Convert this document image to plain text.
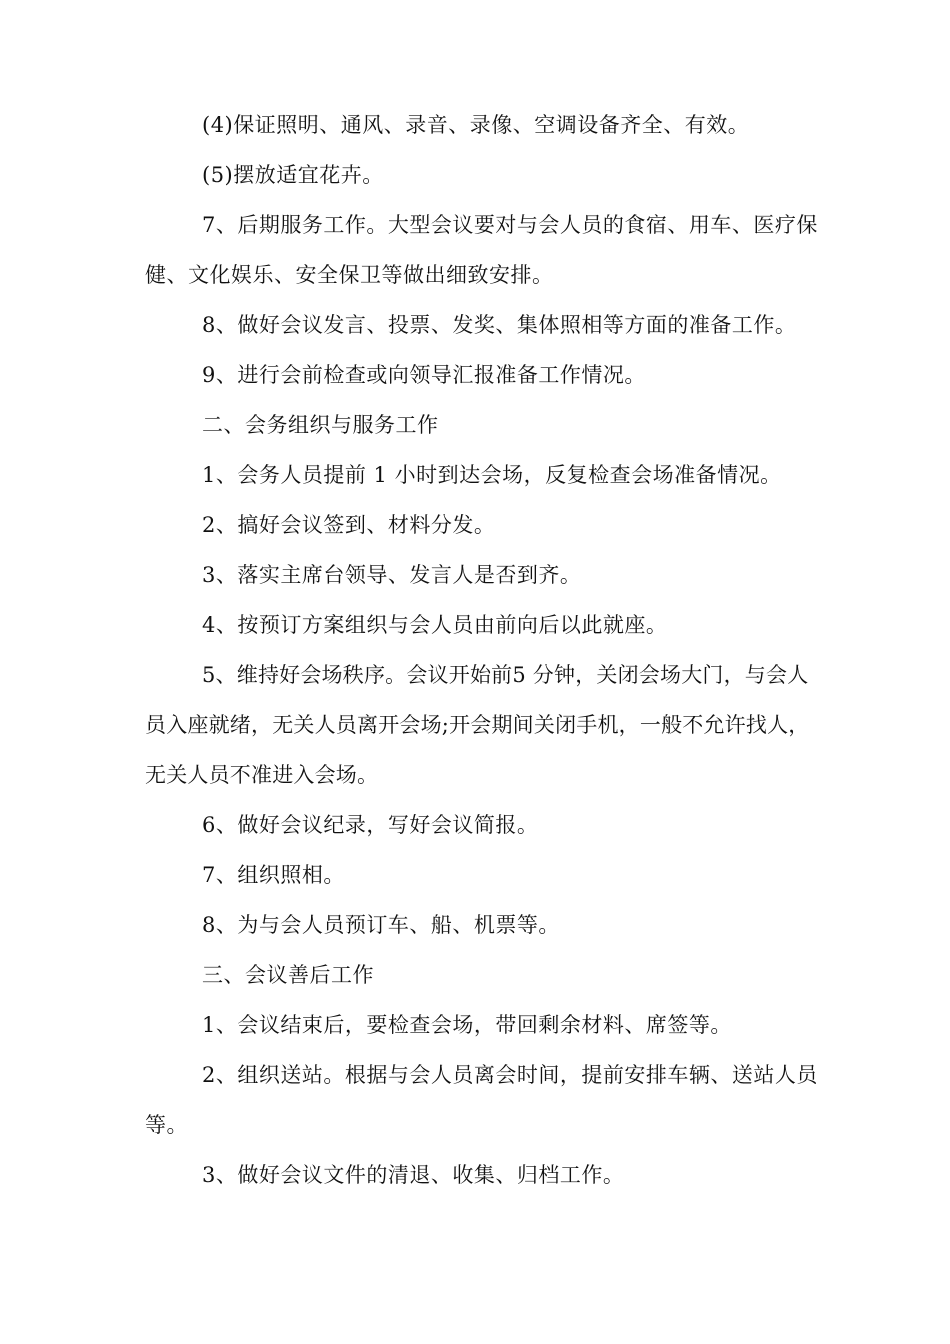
(4)保证照明、通风、录音、录像、空调设备齐全、有效。

(5)摆放适宜花卉。

7、后期服务工作。大型会议要对与会人员的食宿、用车、医疗保健、文化娱乐、安全保卫等做出细致安排。

8、做好会议发言、投票、发奖、集体照相等方面的准备工作。

9、进行会前检查或向领导汇报准备工作情况。

二、会务组织与服务工作

1、会务人员提前 1 小时到达会场，反复检查会场准备情况。

2、搞好会议签到、材料分发。

3、落实主席台领导、发言人是否到齐。

4、按预订方案组织与会人员由前向后以此就座。

5、维持好会场秩序。会议开始前5 分钟，关闭会场大门，与会人员入座就绪，无关人员离开会场;开会期间关闭手机，一般不允许找人，无关人员不准进入会场。

6、做好会议纪录，写好会议简报。

7、组织照相。

8、为与会人员预订车、船、机票等。

三、会议善后工作

1、会议结束后，要检查会场，带回剩余材料、席签等。

2、组织送站。根据与会人员离会时间，提前安排车辆、送站人员等。

3、做好会议文件的清退、收集、归档工作。
